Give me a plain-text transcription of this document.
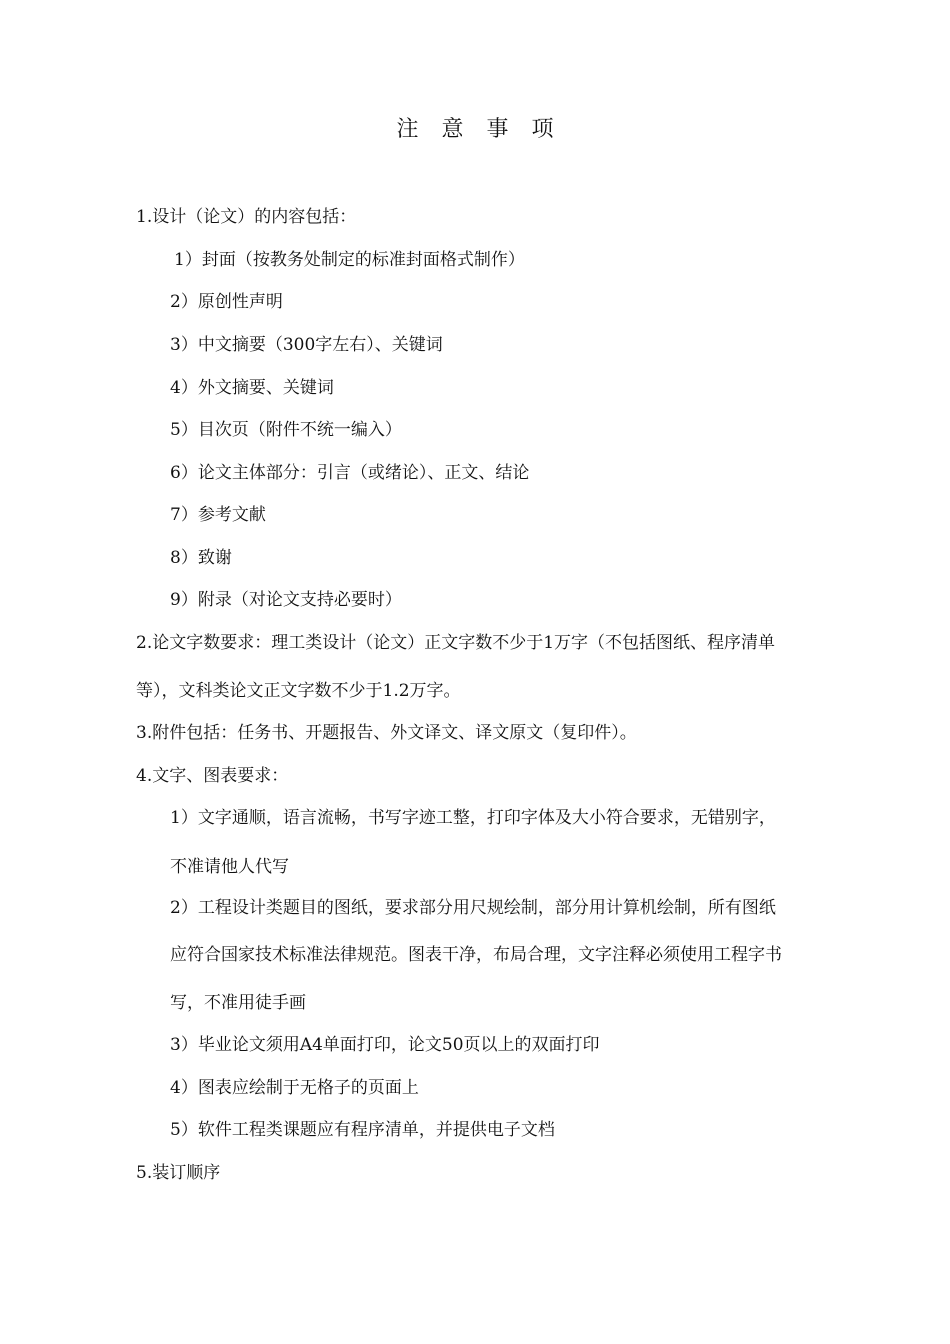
注 意 事 项
1.设计（论文）的内容包括：
1）封面（按教务处制定的标准封面格式制作）
2）原创性声明
3）中文摘要（300字左右）、关键词
4）外文摘要、关键词
5）目次页（附件不统一编入）
6）论文主体部分：引言（或绪论）、正文、结论
7）参考文献
8）致谢
9）附录（对论文支持必要时）
2.论文字数要求：理工类设计（论文）正文字数不少于1万字（不包括图纸、程序清单
等），文科类论文正文字数不少于1.2万字。
3.附件包括：任务书、开题报告、外文译文、译文原文（复印件）。
4.文字、图表要求：
1）文字通顺，语言流畅，书写字迹工整，打印字体及大小符合要求，无错别字，
不准请他人代写
2）工程设计类题目的图纸，要求部分用尺规绘制，部分用计算机绘制，所有图纸
应符合国家技术标准法律规范。图表干净，布局合理，文字注释必须使用工程字书
写，不准用徒手画
3）毕业论文须用A4单面打印，论文50页以上的双面打印
4）图表应绘制于无格子的页面上
5）软件工程类课题应有程序清单，并提供电子文档
5.装订顺序
